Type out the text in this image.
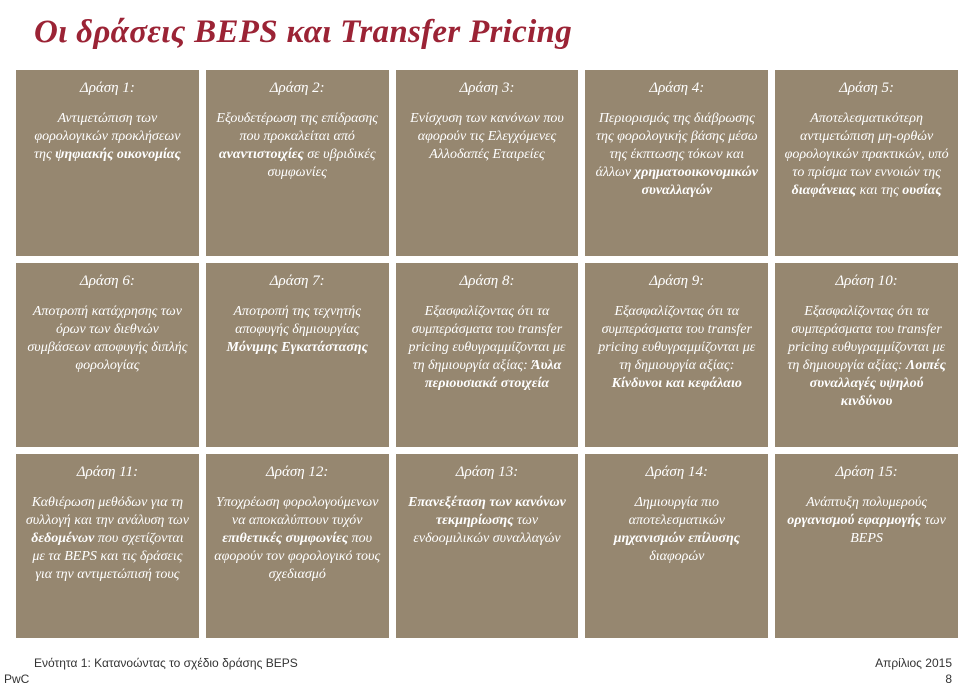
Οι δράσεις BEPS και Transfer Pricing
Δράση 1:
Αντιμετώπιση των φορολογικών προκλήσεων της ψηφιακής οικονομίας
Δράση 2:
Εξουδετέρωση της επίδρασης που προκαλείται από αναντιστοιχίες σε υβριδικές συμφωνίες
Δράση 3:
Ενίσχυση των κανόνων που αφορούν τις Ελεγχόμενες Αλλοδαπές Εταιρείες
Δράση 4:
Περιορισμός της διάβρωσης της φορολογικής βάσης μέσω της έκπτωσης τόκων και άλλων χρηματοοικονομικών συναλλαγών
Δράση 5:
Αποτελεσματικότερη αντιμετώπιση μη-ορθών φορολογικών πρακτικών, υπό το πρίσμα των εννοιών της διαφάνειας και της ουσίας
Δράση 6:
Αποτροπή κατάχρησης των όρων των διεθνών συμβάσεων αποφυγής διπλής φορολογίας
Δράση 7:
Αποτροπή της τεχνητής αποφυγής δημιουργίας Μόνιμης Εγκατάστασης
Δράση 8:
Εξασφαλίζοντας ότι τα συμπεράσματα του transfer pricing ευθυγραμμίζονται με τη δημιουργία αξίας: Άυλα περιουσιακά στοιχεία
Δράση 9:
Εξασφαλίζοντας ότι τα συμπεράσματα του transfer pricing ευθυγραμμίζονται με τη δημιουργία αξίας: Κίνδυνοι και κεφάλαιο
Δράση 10:
Εξασφαλίζοντας ότι τα συμπεράσματα του transfer pricing ευθυγραμμίζονται με τη δημιουργία αξίας: Λοιπές συναλλαγές υψηλού κινδύνου
Δράση 11:
Καθιέρωση μεθόδων για τη συλλογή και την ανάλυση των δεδομένων που σχετίζονται με τα BEPS και τις δράσεις για την αντιμετώπισή τους
Δράση 12:
Υποχρέωση φορολογούμενων να αποκαλύπτουν τυχόν επιθετικές συμφωνίες που αφορούν τον φορολογικό τους σχεδιασμό
Δράση 13:
Επανεξέταση των κανόνων τεκμηρίωσης των ενδοομιλικών συναλλαγών
Δράση 14:
Δημιουργία πιο αποτελεσματικών μηχανισμών επίλυσης διαφορών
Δράση 15:
Ανάπτυξη πολυμερούς οργανισμού εφαρμογής των BEPS
Ενότητα 1: Κατανοώντας το σχέδιο δράσης BEPS
PwC
Απρίλιος 2015
8
